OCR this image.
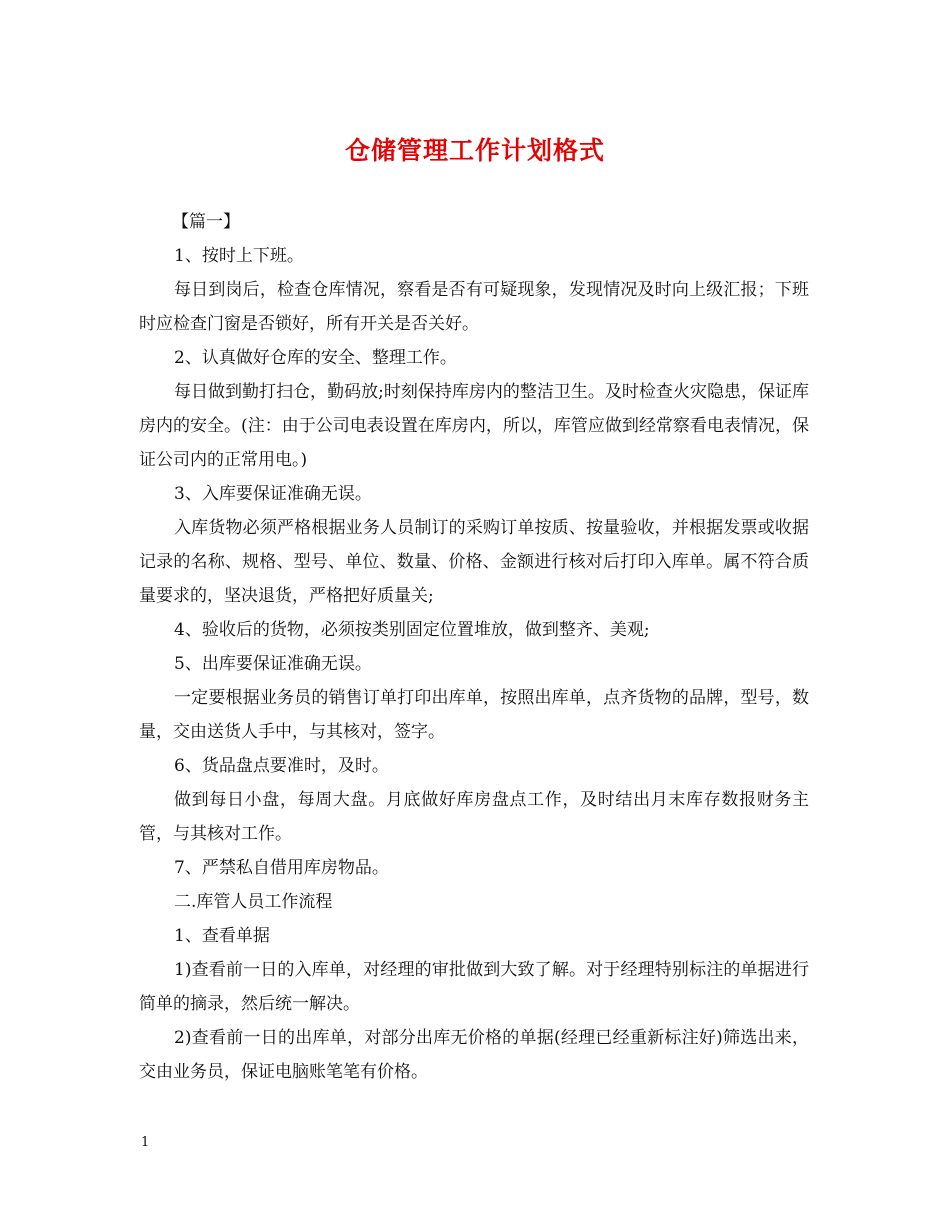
仓储管理工作计划格式

【篇一】

1、按时上下班。

每日到岗后，检查仓库情况，察看是否有可疑现象，发现情况及时向上级汇报；下班时应检查门窗是否锁好，所有开关是否关好。

2、认真做好仓库的安全、整理工作。

每日做到勤打扫仓，勤码放;时刻保持库房内的整洁卫生。及时检查火灾隐患，保证库房内的安全。(注：由于公司电表设置在库房内，所以，库管应做到经常察看电表情况，保证公司内的正常用电。)

3、入库要保证准确无误。

入库货物必须严格根据业务人员制订的采购订单按质、按量验收，并根据发票或收据记录的名称、规格、型号、单位、数量、价格、金额进行核对后打印入库单。属不符合质量要求的，坚决退货，严格把好质量关;

4、验收后的货物，必须按类别固定位置堆放，做到整齐、美观;

5、出库要保证准确无误。

一定要根据业务员的销售订单打印出库单，按照出库单，点齐货物的品牌，型号，数量，交由送货人手中，与其核对，签字。

6、货品盘点要准时，及时。

做到每日小盘，每周大盘。月底做好库房盘点工作，及时结出月末库存数报财务主管，与其核对工作。

7、严禁私自借用库房物品。

二.库管人员工作流程

1、查看单据

1)查看前一日的入库单，对经理的审批做到大致了解。对于经理特别标注的单据进行简单的摘录，然后统一解决。

2)查看前一日的出库单，对部分出库无价格的单据(经理已经重新标注好)筛选出来，交由业务员，保证电脑账笔笔有价格。

1
